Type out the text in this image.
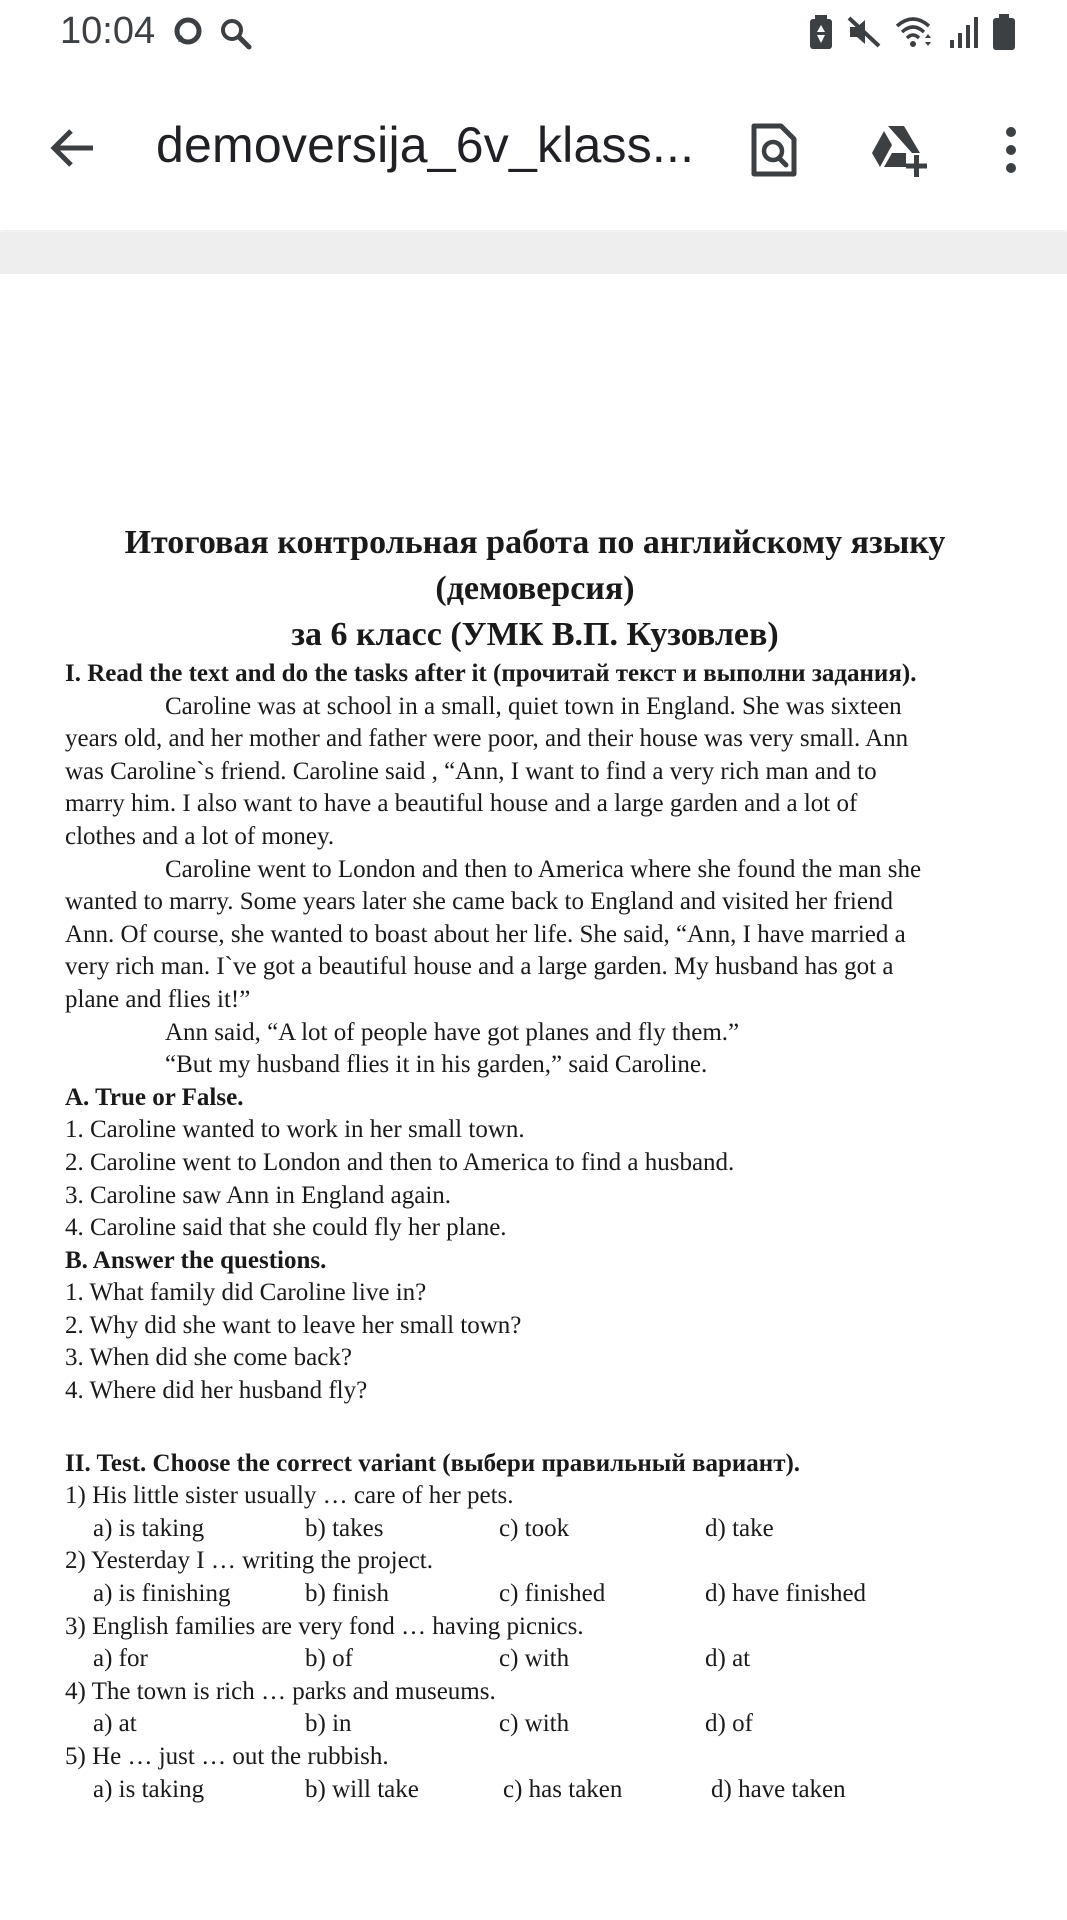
10:04
demoversija_6v_klass...
Итоговая контрольная работа по английскому языку
(демоверсия)
за 6 класс (УМК В.П. Кузовлев)
I. Read the text and do the tasks after it (прочитай текст и выполни задания).
Caroline was at school in a small, quiet town in England. She was sixteen
years old, and her mother and father were poor, and their house was very small. Ann
was Caroline`s friend. Caroline said , “Ann, I want to find a very rich man and to
marry him. I also want to have a beautiful house and a large garden and a lot of
clothes and a lot of money.
Caroline went to London and then to America where she found the man she
wanted to marry. Some years later she came back to England and visited her friend
Ann. Of course, she wanted to boast about her life. She said, “Ann, I have married a
very rich man. I`ve got a beautiful house and a large garden. My husband has got a
plane and flies it!”
Ann said, “A lot of people have got planes and fly them.”
“But my husband flies it in his garden,” said Caroline.
A. True or False.
1. Caroline wanted to work in her small town.
2. Caroline went to London and then to America to find a husband.
3. Caroline saw Ann in England again.
4. Caroline said that she could fly her plane.
B. Answer the questions.
1. What family did Caroline live in?
2. Why did she want to leave her small town?
3. When did she come back?
4. Where did her husband fly?
II. Test. Choose the correct variant (выбери правильный вариант).
1) His little sister usually … care of her pets.
a) is taking	b) takes	c) took	d) take
2) Yesterday I … writing the project.
a) is finishing	b) finish	c) finished	d) have finished
3) English families are very fond … having picnics.
a) for	b) of	c) with	d) at
4) The town is rich … parks and museums.
a) at	b) in	c) with	d) of
5) He … just … out the rubbish.
a) is taking	b) will take	c) has taken	d) have taken
